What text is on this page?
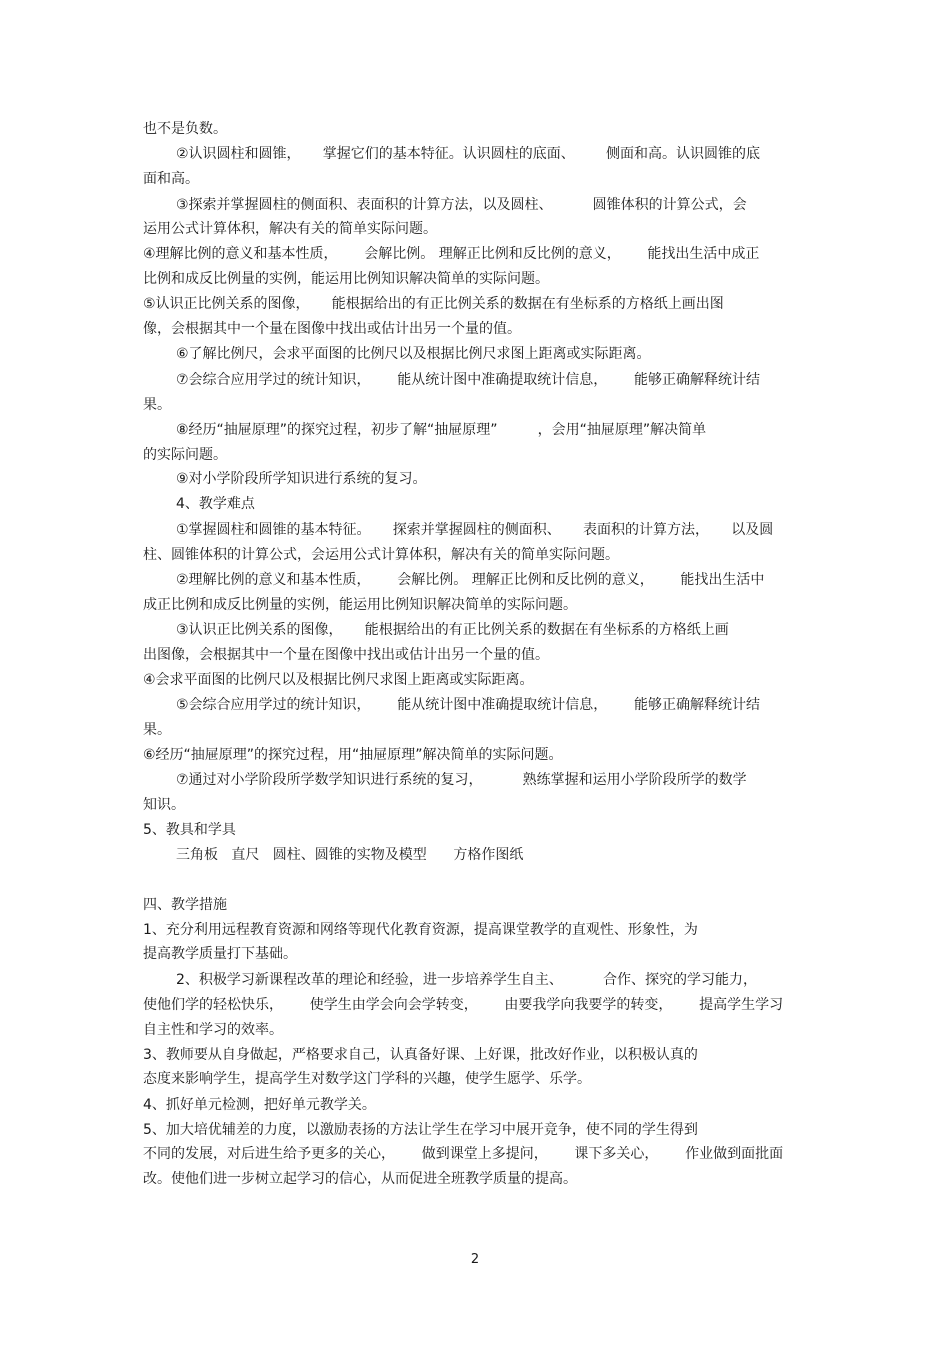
也不是负数。

②认识圆柱和圆锥，     掌握它们的基本特征。认识圆柱的底面、       侧面和高。认识圆锥的底

面和高。

③探索并掌握圆柱的侧面积、表面积的计算方法，以及圆柱、         圆锥体积的计算公式，会

运用公式计算体积，解决有关的简单实际问题。

④理解比例的意义和基本性质，      会解比例。 理解正比例和反比例的意义，      能找出生活中成正

比例和成反比例量的实例，能运用比例知识解决简单的实际问题。

⑤认识正比例关系的图像，     能根据给出的有正比例关系的数据在有坐标系的方格纸上画出图

像，会根据其中一个量在图像中找出或估计出另一个量的值。

⑥了解比例尺，会求平面图的比例尺以及根据比例尺求图上距离或实际距离。

⑦会综合应用学过的统计知识，      能从统计图中准确提取统计信息，      能够正确解释统计结

果。

⑧经历“抽屉原理”的探究过程，初步了解“抽屉原理”         ，会用“抽屉原理”解决简单

的实际问题。

⑨对小学阶段所学知识进行系统的复习。

4、教学难点

①掌握圆柱和圆锥的基本特征。     探索并掌握圆柱的侧面积、     表面积的计算方法，     以及圆

柱、圆锥体积的计算公式，会运用公式计算体积，解决有关的简单实际问题。

②理解比例的意义和基本性质，      会解比例。 理解正比例和反比例的意义，      能找出生活中

成正比例和成反比例量的实例，能运用比例知识解决简单的实际问题。

③认识正比例关系的图像，     能根据给出的有正比例关系的数据在有坐标系的方格纸上画

出图像，会根据其中一个量在图像中找出或估计出另一个量的值。

④会求平面图的比例尺以及根据比例尺求图上距离或实际距离。

⑤会综合应用学过的统计知识，      能从统计图中准确提取统计信息，      能够正确解释统计结

果。

⑥经历“抽屉原理”的探究过程，用“抽屉原理”解决简单的实际问题。

⑦通过对小学阶段所学数学知识进行系统的复习，         熟练掌握和运用小学阶段所学的数学

知识。

5、教具和学具

三角板   直尺   圆柱、圆锥的实物及模型      方格作图纸

四、教学措施

1、充分利用远程教育资源和网络等现代化教育资源，提高课堂教学的直观性、形象性，为

提高教学质量打下基础。

2、积极学习新课程改革的理论和经验，进一步培养学生自主、         合作、探究的学习能力，

使他们学的轻松快乐，      使学生由学会向会学转变，      由要我学向我要学的转变，      提高学生学习

自主性和学习的效率。

3、教师要从自身做起，严格要求自己，认真备好课、上好课，批改好作业，以积极认真的

态度来影响学生，提高学生对数学这门学科的兴趣，使学生愿学、乐学。

4、抓好单元检测，把好单元教学关。

5、加大培优辅差的力度，以激励表扬的方法让学生在学习中展开竞争，使不同的学生得到

不同的发展，对后进生给予更多的关心，      做到课堂上多提问，      课下多关心，      作业做到面批面

改。使他们进一步树立起学习的信心，从而促进全班教学质量的提高。

2
